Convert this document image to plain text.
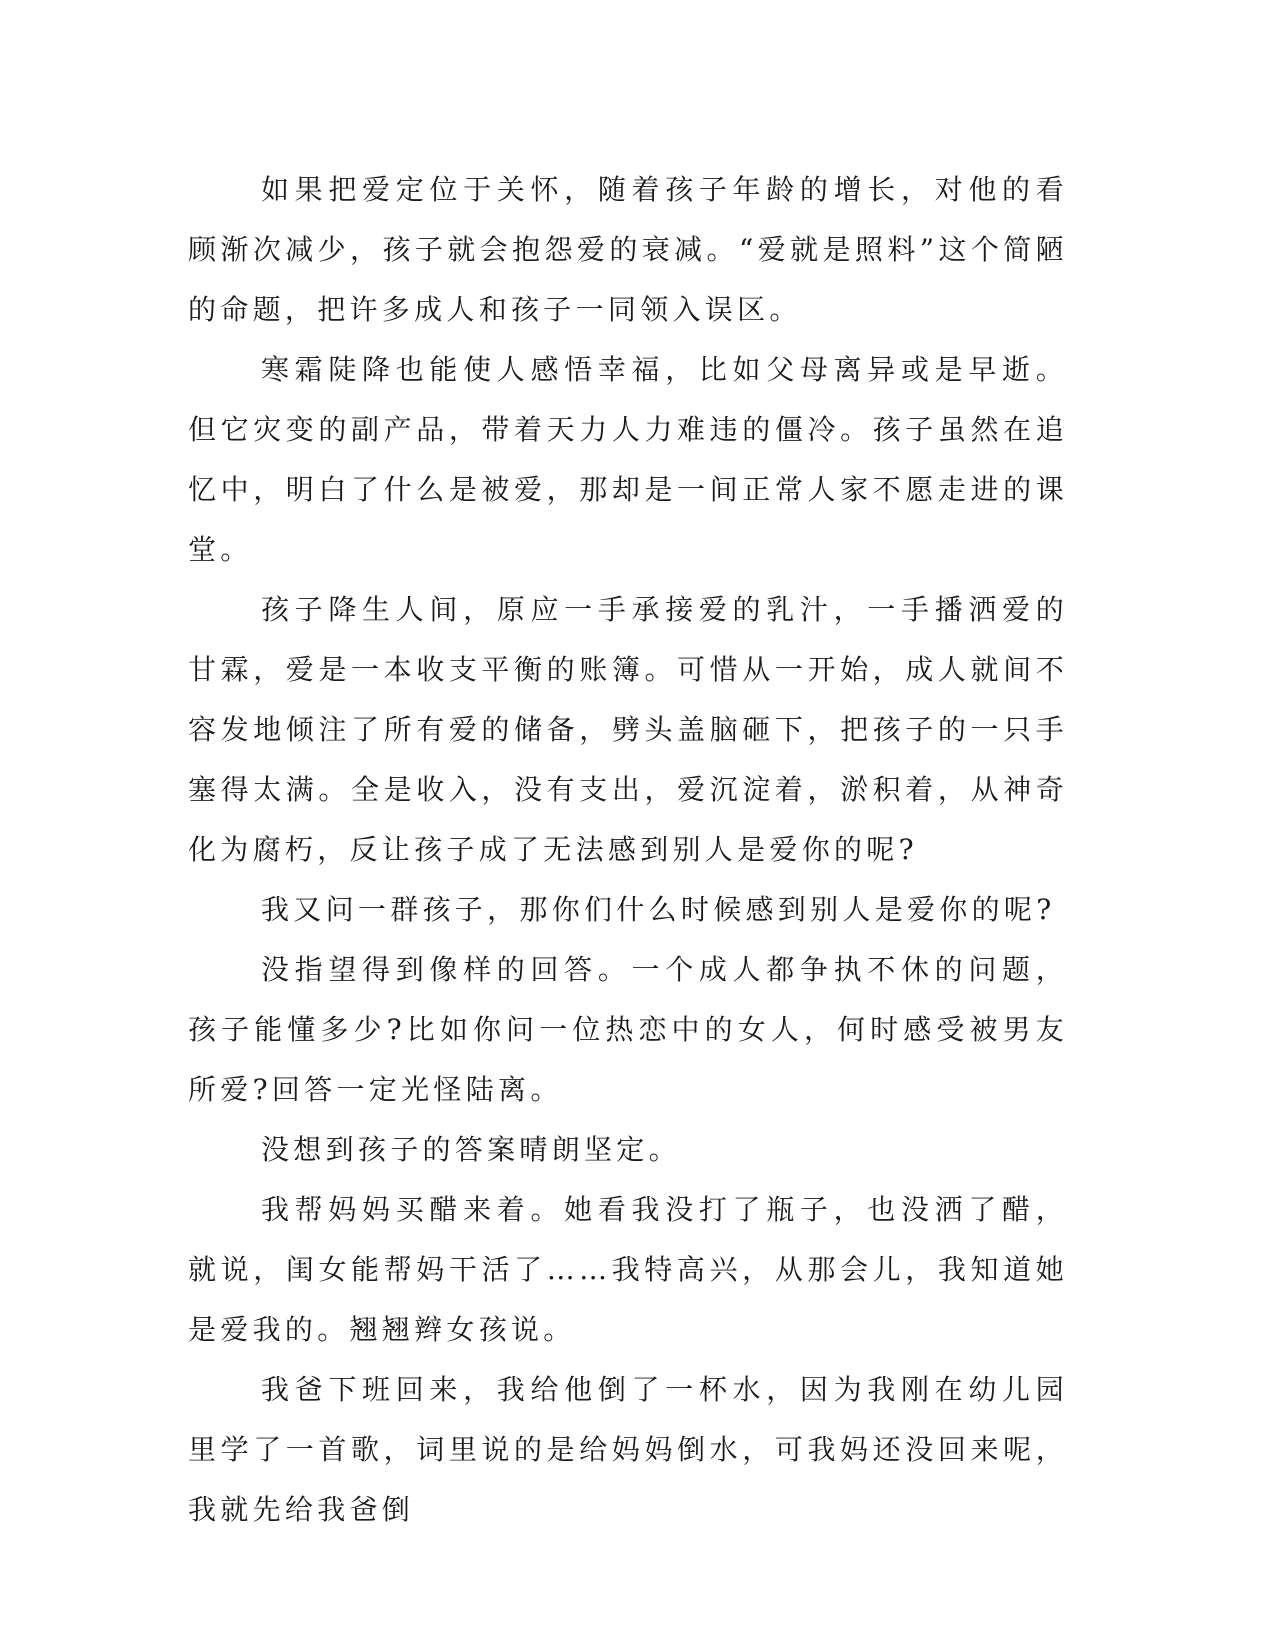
如果把爱定位于关怀，随着孩子年龄的增长，对他的看顾渐次减少，孩子就会抱怨爱的衰减。“爱就是照料”这个简陋的命题，把许多成人和孩子一同领入误区。

寒霜陡降也能使人感悟幸福，比如父母离异或是早逝。但它灾变的副产品，带着天力人力难违的僵冷。孩子虽然在追忆中，明白了什么是被爱，那却是一间正常人家不愿走进的课堂。

孩子降生人间，原应一手承接爱的乳汁，一手播洒爱的甘霖，爱是一本收支平衡的账簿。可惜从一开始，成人就间不容发地倾注了所有爱的储备，劈头盖脑砸下，把孩子的一只手塞得太满。全是收入，没有支出，爱沉淀着，淤积着，从神奇化为腐朽，反让孩子成了无法感到别人是爱你的呢?

我又问一群孩子，那你们什么时候感到别人是爱你的呢?

没指望得到像样的回答。一个成人都争执不休的问题，孩子能懂多少?比如你问一位热恋中的女人，何时感受被男友所爱?回答一定光怪陆离。

没想到孩子的答案晴朗坚定。

我帮妈妈买醋来着。她看我没打了瓶子，也没洒了醋，就说，闺女能帮妈干活了……我特高兴，从那会儿，我知道她是爱我的。翘翘辫女孩说。

我爸下班回来，我给他倒了一杯水，因为我刚在幼儿园里学了一首歌，词里说的是给妈妈倒水，可我妈还没回来呢，我就先给我爸倒
